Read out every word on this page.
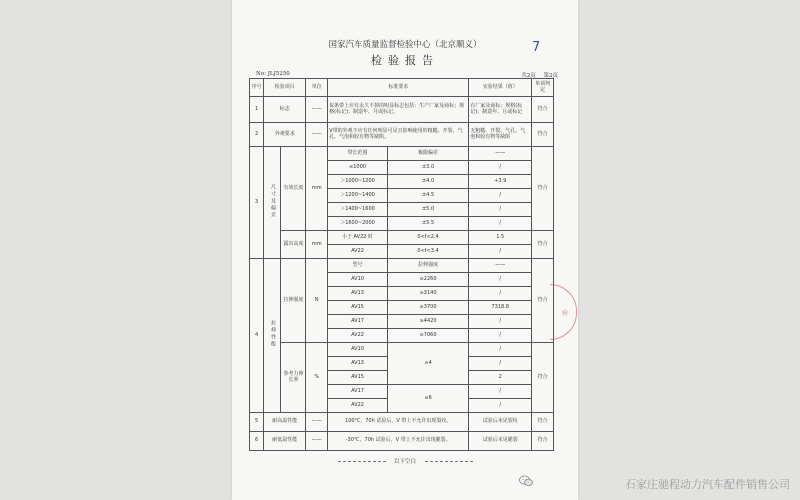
国家汽车质量监督检验中心（北京顺义）
检验报告
7
No: JLJ5250	共2页 第2页
序号	检验项目		单位	标准要求		实验结果（值）	单项判定
1	标志		——	每条带上应有永久不掉的明显标志包括：生产厂家及商标；规格(标记)；制造年、月或标记。		有厂家及商标；规格(标记)；制造年、月或标记	符合
2	外观要求		——	V带的外观不应有任何明显可见且影响使用的粗糙、开裂、气孔、气泡和胶有物等缺陷。		无粗糙、开裂、气孔、气泡和胶有物等缺陷	符合
3	尺寸及偏差	有效长度	mm	带长范围	极限偏差	——	符合
				≤1000	±3.0	/	
				＞1000~1200	±4.0	+3.9	
				＞1200~1400	±4.5	/	
				＞1400~1600	±5.0	/	
				＞1600~2000	±5.5	/	
		露出高度	mm	小于 AV22 时	0<f<2.4	1.5	符合
				AV22	0<f<3.4	/	
4	拉伸性能	拉伸强度	N	型号	拉伸强度	——	符合
				AV10	≥2260	/	
				AV13	≥3140	/	
				AV15	≥3700	7318.8	
				AV17	≥4420	/	
				AV22	≥7060	/	
		参考力伸长率	%	AV10	≤4	/	符合
				AV13		/	
				AV15		2	
				AV17	≤6	/	
				AV22		/	
5	耐高温性能		——	100℃，70h 试验后，V 带上不允许出现裂纹。		试验后未见裂纹	符合
6	耐低温性能		——	-30℃，70h 试验后，V 带上不允许出现脆裂。		试验后未见脆裂	符合
验
以下空白
石家庄驰程动力汽车配件销售公司
